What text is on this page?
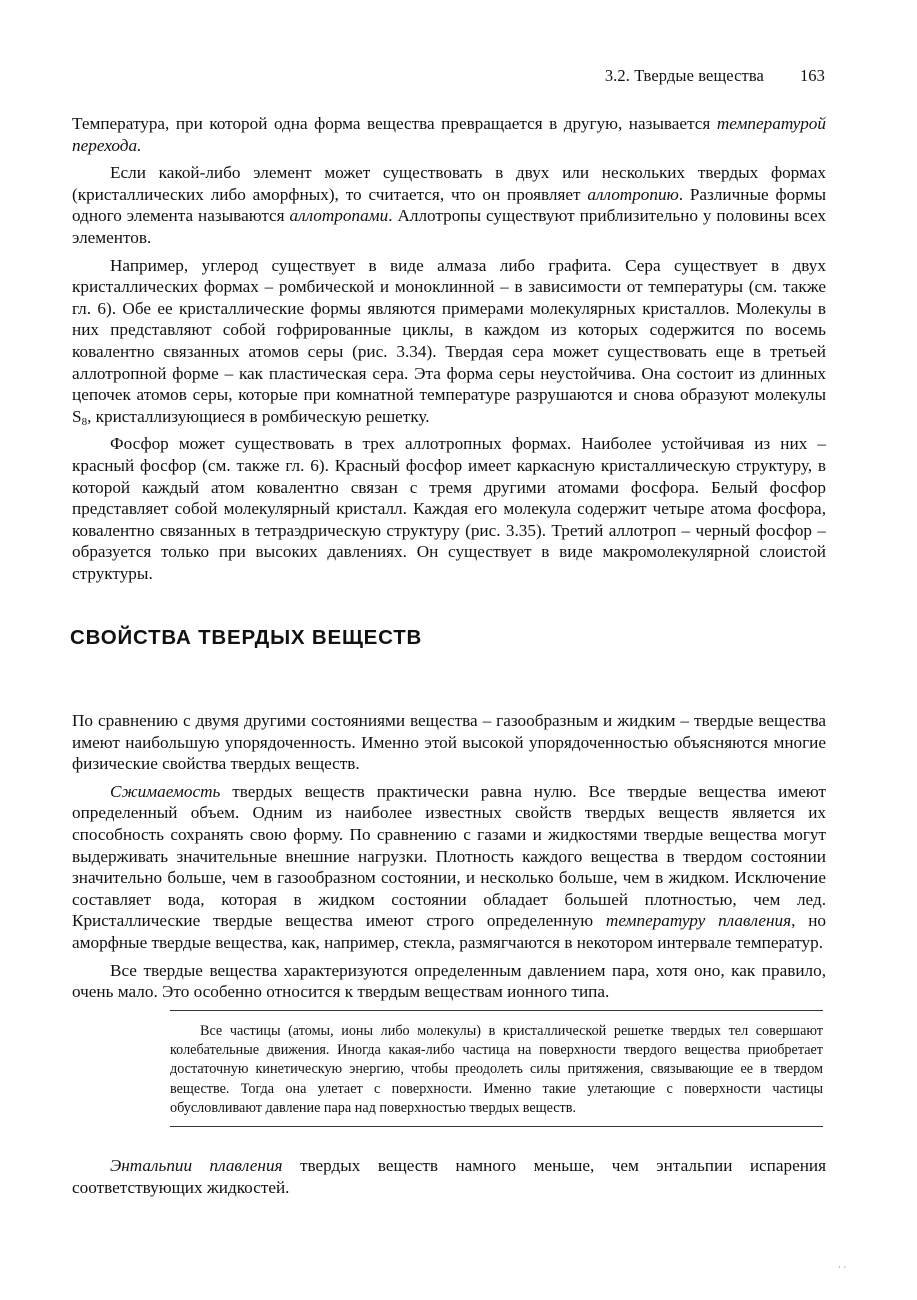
3.2. Твердые вещества 163

Температура, при которой одна форма вещества превращается в другую, называется температурой перехода.

Если какой-либо элемент может существовать в двух или нескольких твердых формах (кристаллических либо аморфных), то считается, что он проявляет аллотропию. Различные формы одного элемента называются аллотропами. Аллотропы существуют приблизительно у половины всех элементов.

Например, углерод существует в виде алмаза либо графита. Сера существует в двух кристаллических формах – ромбической и моноклинной – в зависимости от температуры (см. также гл. 6). Обе ее кристаллические формы являются примерами молекулярных кристаллов. Молекулы в них представляют собой гофрированные циклы, в каждом из которых содержится по восемь ковалентно связанных атомов серы (рис. 3.34). Твердая сера может существовать еще в третьей аллотропной форме – как пластическая сера. Эта форма серы неустойчива. Она состоит из длинных цепочек атомов серы, которые при комнатной температуре разрушаются и снова образуют молекулы $S_8$, кристаллизующиеся в ромбическую решетку.

Фосфор может существовать в трех аллотропных формах. Наиболее устойчивая из них – красный фосфор (см. также гл. 6). Красный фосфор имеет каркасную кристаллическую структуру, в которой каждый атом ковалентно связан с тремя другими атомами фосфора. Белый фосфор представляет собой молекулярный кристалл. Каждая его молекула содержит четыре атома фосфора, ковалентно связанных в тетраэдрическую структуру (рис. 3.35). Третий аллотроп – черный фосфор – образуется только при высоких давлениях. Он существует в виде макромолекулярной слоистой структуры.

СВОЙСТВА ТВЕРДЫХ ВЕЩЕСТВ

По сравнению с двумя другими состояниями вещества – газообразным и жидким – твердые вещества имеют наибольшую упорядоченность. Именно этой высокой упорядоченностью объясняются многие физические свойства твердых веществ.

Сжимаемость твердых веществ практически равна нулю. Все твердые вещества имеют определенный объем. Одним из наиболее известных свойств твердых веществ является их способность сохранять свою форму. По сравнению с газами и жидкостями твердые вещества могут выдерживать значительные внешние нагрузки. Плотность каждого вещества в твердом состоянии значительно больше, чем в газообразном состоянии, и несколько больше, чем в жидком. Исключение составляет вода, которая в жидком состоянии обладает большей плотностью, чем лед. Кристаллические твердые вещества имеют строго определенную температуру плавления, но аморфные твердые вещества, как, например, стекла, размягчаются в некотором интервале температур.

Все твердые вещества характеризуются определенным давлением пара, хотя оно, как правило, очень мало. Это особенно относится к твердым веществам ионного типа.

Все частицы (атомы, ионы либо молекулы) в кристаллической решетке твердых тел совершают колебательные движения. Иногда какая-либо частица на поверхности твердого вещества приобретает достаточную кинетическую энергию, чтобы преодолеть силы притяжения, связывающие ее в твердом веществе. Тогда она улетает с поверхности. Именно такие улетающие с поверхности частицы обусловливают давление пара над поверхностью твердых веществ.

Энтальпии плавления твердых веществ намного меньше, чем энтальпии испарения соответствующих жидкостей.

· ·
